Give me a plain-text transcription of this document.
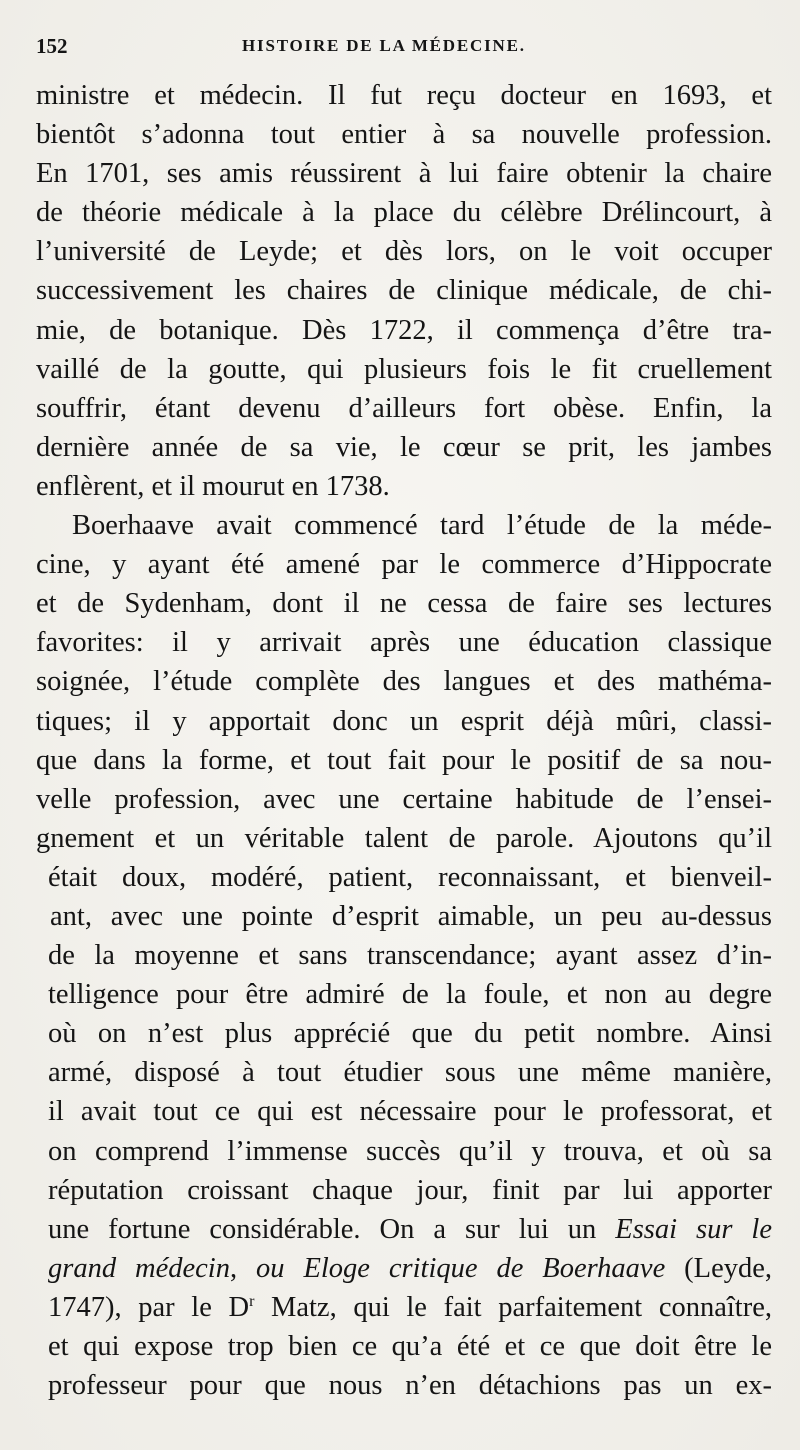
152	HISTOIRE DE LA MÉDECINE.
ministre et médecin. Il fut reçu docteur en 1693, et
bientôt s’adonna tout entier à sa nouvelle profession.
En 1701, ses amis réussirent à lui faire obtenir la chaire
de théorie médicale à la place du célèbre Drélincourt, à
l’université de Leyde; et dès lors, on le voit occuper
successivement les chaires de clinique médicale, de chi-
mie, de botanique. Dès 1722, il commença d’être tra-
vaillé de la goutte, qui plusieurs fois le fit cruellement
souffrir, étant devenu d’ailleurs fort obèse. Enfin, la
dernière année de sa vie, le cœur se prit, les jambes
enflèrent, et il mourut en 1738.
Boerhaave avait commencé tard l’étude de la méde-
cine, y ayant été amené par le commerce d’Hippocrate
et de Sydenham, dont il ne cessa de faire ses lectures
favorites: il y arrivait après une éducation classique
soignée, l’étude complète des langues et des mathéma-
tiques; il y apportait donc un esprit déjà mûri, classi-
que dans la forme, et tout fait pour le positif de sa nou-
velle profession, avec une certaine habitude de l’ensei-
gnement et un véritable talent de parole. Ajoutons qu’il
était doux, modéré, patient, reconnaissant, et bienveil-
ant, avec une pointe d’esprit aimable, un peu au-dessus
de la moyenne et sans transcendance; ayant assez d’in-
telligence pour être admiré de la foule, et non au degre
où on n’est plus apprécié que du petit nombre. Ainsi
armé, disposé à tout étudier sous une même manière,
il avait tout ce qui est nécessaire pour le professorat, et
on comprend l’immense succès qu’il y trouva, et où sa
réputation croissant chaque jour, finit par lui apporter
une fortune considérable. On a sur lui un Essai sur le
grand médecin, ou Eloge critique de Boerhaave (Leyde,
1747), par le $D^r$ Matz, qui le fait parfaitement connaître,
et qui expose trop bien ce qu’a été et ce que doit être le
professeur pour que nous n’en détachions pas un ex-
